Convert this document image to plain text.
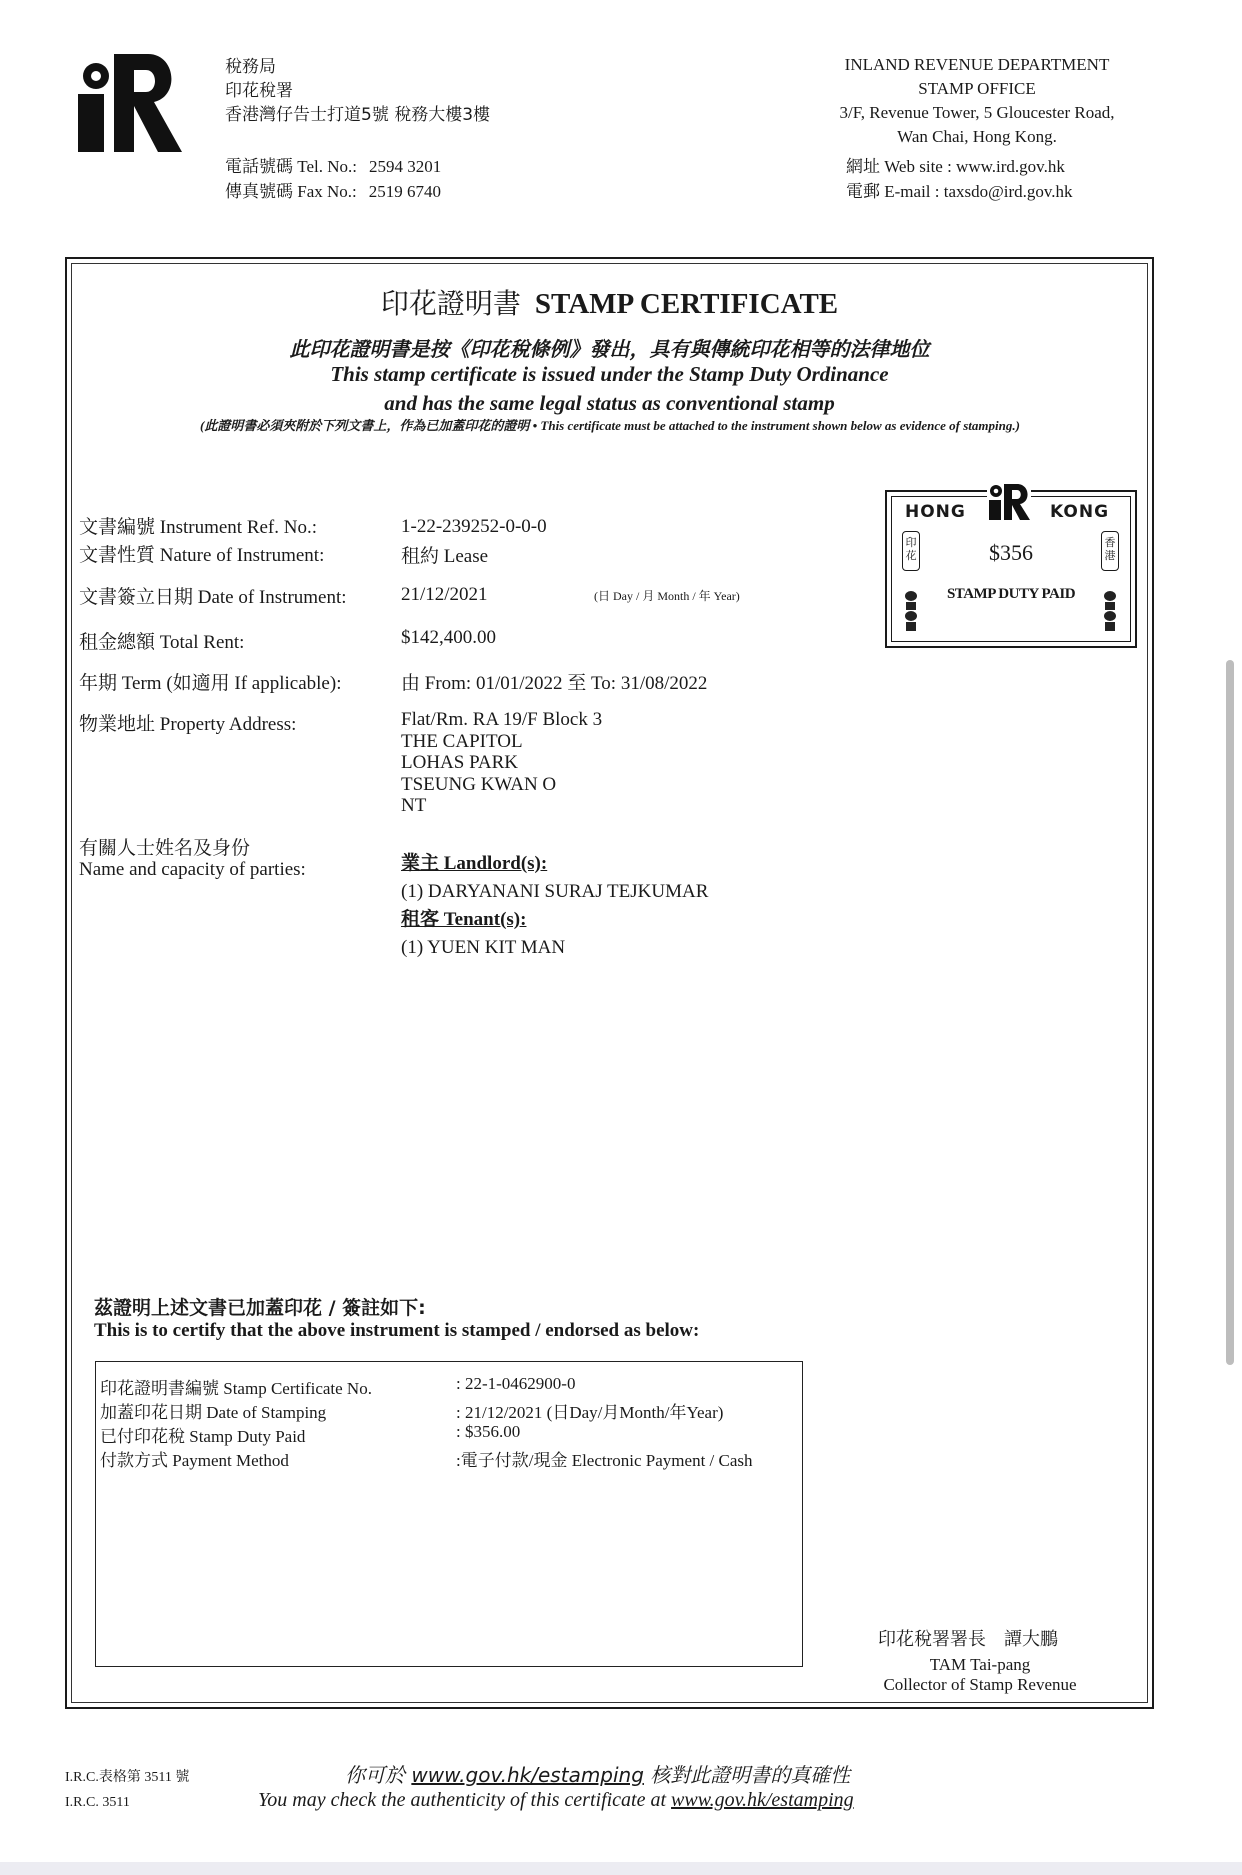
稅務局
印花稅署
香港灣仔告士打道5號 稅務大樓3樓
INLAND REVENUE DEPARTMENT
STAMP OFFICE
3/F, Revenue Tower, 5 Gloucester Road,
Wan Chai, Hong Kong.
電話號碼 Tel. No.: 2594 3201
傳真號碼 Fax No.: 2519 6740
網址 Web site : www.ird.gov.hk
電郵 E-mail : taxsdo@ird.gov.hk
印花證明書 STAMP CERTIFICATE
此印花證明書是按《印花稅條例》發出，具有與傳統印花相等的法律地位
This stamp certificate is issued under the Stamp Duty Ordinance
and has the same legal status as conventional stamp
(此證明書必須夾附於下列文書上，作為已加蓋印花的證明 • This certificate must be attached to the instrument shown below as evidence of stamping.)
文書編號 Instrument Ref. No.:	1-22-239252-0-0-0
文書性質 Nature of Instrument:	租約 Lease
文書簽立日期 Date of Instrument:	21/12/2021	(日 Day / 月 Month / 年 Year)
租金總額 Total Rent:	$142,400.00
年期 Term (如適用 If applicable):	由 From: 01/01/2022 至 To: 31/08/2022
物業地址 Property Address:	Flat/Rm. RA 19/F Block 3
THE CAPITOL
LOHAS PARK
TSEUNG KWAN O
NT
有關人士姓名及身份
Name and capacity of parties:	業主 Landlord(s):
(1) DARYANANI SURAJ TEJKUMAR
租客 Tenant(s):
(1) YUEN KIT MAN
HONG	KONG
印花
香港
$356
STAMP DUTY PAID
茲證明上述文書已加蓋印花 / 簽註如下:
This is to certify that the above instrument is stamped / endorsed as below:
印花證明書編號 Stamp Certificate No.	: 22-1-0462900-0
加蓋印花日期 Date of Stamping	: 21/12/2021 (日Day/月Month/年Year)
已付印花稅 Stamp Duty Paid	: $356.00
付款方式 Payment Method	:電子付款/現金 Electronic Payment / Cash
印花稅署署長　譚大鵬
TAM Tai-pang
Collector of Stamp Revenue
I.R.C.表格第 3511 號
I.R.C. 3511
你可於 www.gov.hk/estamping 核對此證明書的真確性
You may check the authenticity of this certificate at www.gov.hk/estamping
